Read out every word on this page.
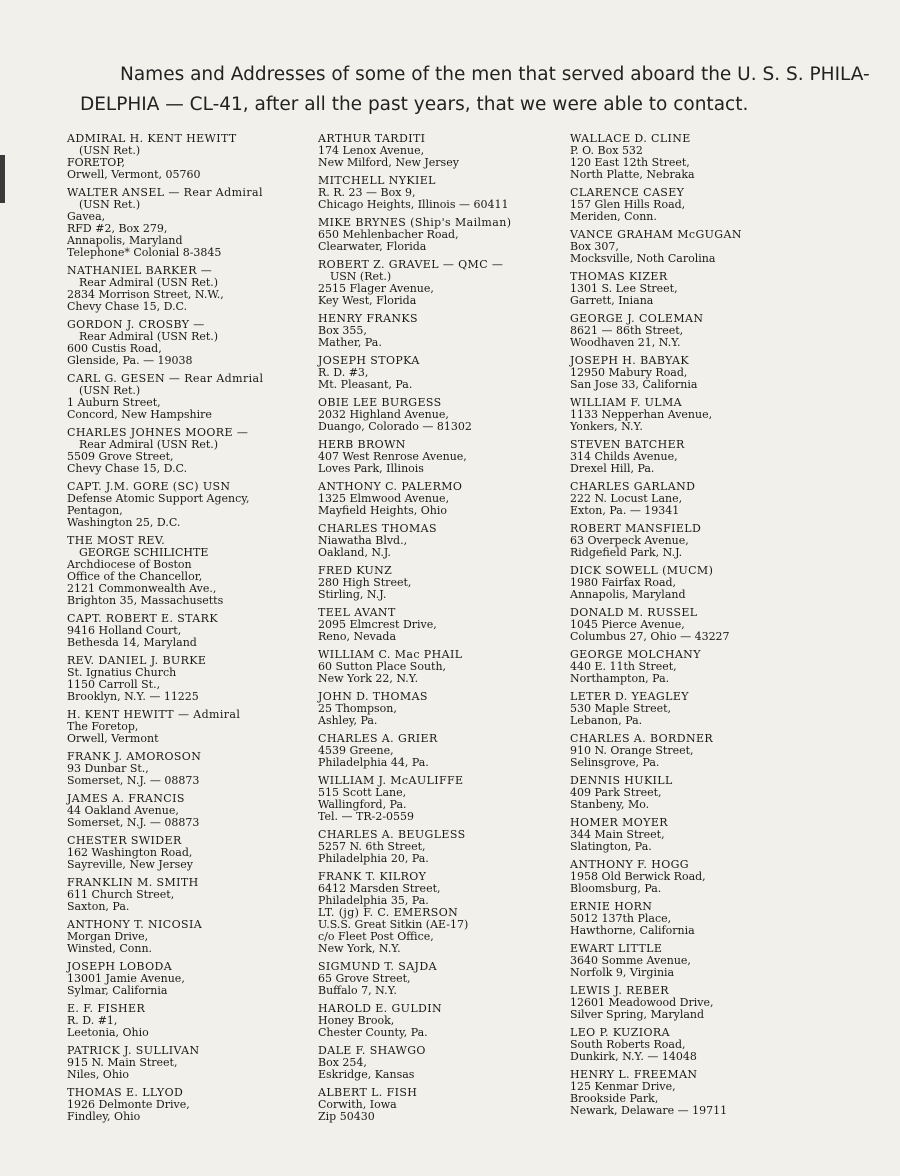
Names and Addresses of some of the men that served aboard the U. S. S. PHILA-
DELPHIA — CL-41, after all the past years, that we were able to contact.
ADMIRAL H. KENT HEWITT
(USN Ret.)
FORETOP,
Orwell, Vermont, 05760
WALTER ANSEL — Rear Admiral
(USN Ret.)
Gavea,
RFD #2, Box 279,
Annapolis, Maryland
Telephone* Colonial 8-3845
NATHANIEL BARKER —
Rear Admiral (USN Ret.)
2834 Morrison Street, N.W.,
Chevy Chase 15, D.C.
GORDON J. CROSBY —
Rear Admiral (USN Ret.)
600 Custis Road,
Glenside, Pa. — 19038
CARL G. GESEN — Rear Admrial
(USN Ret.)
1 Auburn Street,
Concord, New Hampshire
CHARLES JOHNES MOORE —
Rear Admiral (USN Ret.)
5509 Grove Street,
Chevy Chase 15, D.C.
CAPT. J.M. GORE (SC) USN
Defense Atomic Support Agency,
Pentagon,
Washington 25, D.C.
THE MOST REV.
GEORGE SCHILICHTE
Archdiocese of Boston
Office of the Chancellor,
2121 Commonwealth Ave.,
Brighton 35, Massachusetts
CAPT. ROBERT E. STARK
9416 Holland Court,
Bethesda 14, Maryland
REV. DANIEL J. BURKE
St. Ignatius Church
1150 Carroll St.,
Brooklyn, N.Y. — 11225
H. KENT HEWITT — Admiral
The Foretop,
Orwell, Vermont
FRANK J. AMOROSON
93 Dunbar St.,
Somerset, N.J. — 08873
JAMES A. FRANCIS
44 Oakland Avenue,
Somerset, N.J. — 08873
CHESTER SWIDER
162 Washington Road,
Sayreville, New Jersey
FRANKLIN M. SMITH
611 Church Street,
Saxton, Pa.
ANTHONY T. NICOSIA
Morgan Drive,
Winsted, Conn.
JOSEPH LOBODA
13001 Jamie Avenue,
Sylmar, California
E. F. FISHER
R. D. #1,
Leetonia, Ohio
PATRICK J. SULLIVAN
915 N. Main Street,
Niles, Ohio
THOMAS E. LLYOD
1926 Delmonte Drive,
Findley, Ohio
ARTHUR TARDITI
174 Lenox Avenue,
New Milford, New Jersey
MITCHELL NYKIEL
R. R. 23 — Box 9,
Chicago Heights, Illinois — 60411
MIKE BRYNES (Ship's Mailman)
650 Mehlenbacher Road,
Clearwater, Florida
ROBERT Z. GRAVEL — QMC —
USN (Ret.)
2515 Flager Avenue,
Key West, Florida
HENRY FRANKS
Box 355,
Mather, Pa.
JOSEPH STOPKA
R. D. #3,
Mt. Pleasant, Pa.
OBIE LEE BURGESS
2032 Highland Avenue,
Duango, Colorado — 81302
HERB BROWN
407 West Renrose Avenue,
Loves Park, Illinois
ANTHONY C. PALERMO
1325 Elmwood Avenue,
Mayfield Heights, Ohio
CHARLES THOMAS
Niawatha Blvd.,
Oakland, N.J.
FRED KUNZ
280 High Street,
Stirling, N.J.
TEEL AVANT
2095 Elmcrest Drive,
Reno, Nevada
WILLIAM C. Mac PHAIL
60 Sutton Place South,
New York 22, N.Y.
JOHN D. THOMAS
25 Thompson,
Ashley, Pa.
CHARLES A. GRIER
4539 Greene,
Philadelphia 44, Pa.
WILLIAM J. McAULIFFE
515 Scott Lane,
Wallingford, Pa.
Tel. — TR-2-0559
CHARLES A. BEUGLESS
5257 N. 6th Street,
Philadelphia 20, Pa.
FRANK T. KILROY
6412 Marsden Street,
Philadelphia 35, Pa.
LT. (jg) F. C. EMERSON
U.S.S. Great Sitkin (AE-17)
c/o Fleet Post Office,
New York, N.Y.
SIGMUND T. SAJDA
65 Grove Street,
Buffalo 7, N.Y.
HAROLD E. GULDIN
Honey Brook,
Chester County, Pa.
DALE F. SHAWGO
Box 254,
Eskridge, Kansas
ALBERT L. FISH
Corwith, Iowa
Zip 50430
WALLACE D. CLINE
P. O. Box 532
120 East 12th Street,
North Platte, Nebraka
CLARENCE CASEY
157 Glen Hills Road,
Meriden, Conn.
VANCE GRAHAM McGUGAN
Box 307,
Mocksville, Noth Carolina
THOMAS KIZER
1301 S. Lee Street,
Garrett, Iniana
GEORGE J. COLEMAN
8621 — 86th Street,
Woodhaven 21, N.Y.
JOSEPH H. BABYAK
12950 Mabury Road,
San Jose 33, California
WILLIAM F. ULMA
1133 Nepperhan Avenue,
Yonkers, N.Y.
STEVEN BATCHER
314 Childs Avenue,
Drexel Hill, Pa.
CHARLES GARLAND
222 N. Locust Lane,
Exton, Pa. — 19341
ROBERT MANSFIELD
63 Overpeck Avenue,
Ridgefield Park, N.J.
DICK SOWELL (MUCM)
1980 Fairfax Road,
Annapolis, Maryland
DONALD M. RUSSEL
1045 Pierce Avenue,
Columbus 27, Ohio — 43227
GEORGE MOLCHANY
440 E. 11th Street,
Northampton, Pa.
LETER D. YEAGLEY
530 Maple Street,
Lebanon, Pa.
CHARLES A. BORDNER
910 N. Orange Street,
Selinsgrove, Pa.
DENNIS HUKILL
409 Park Street,
Stanbeny, Mo.
HOMER MOYER
344 Main Street,
Slatington, Pa.
ANTHONY F. HOGG
1958 Old Berwick Road,
Bloomsburg, Pa.
ERNIE HORN
5012 137th Place,
Hawthorne, California
EWART LITTLE
3640 Somme Avenue,
Norfolk 9, Virginia
LEWIS J. REBER
12601 Meadowood Drive,
Silver Spring, Maryland
LEO P. KUZIORA
South Roberts Road,
Dunkirk, N.Y. — 14048
HENRY L. FREEMAN
125 Kenmar Drive,
Brookside Park,
Newark, Delaware — 19711
